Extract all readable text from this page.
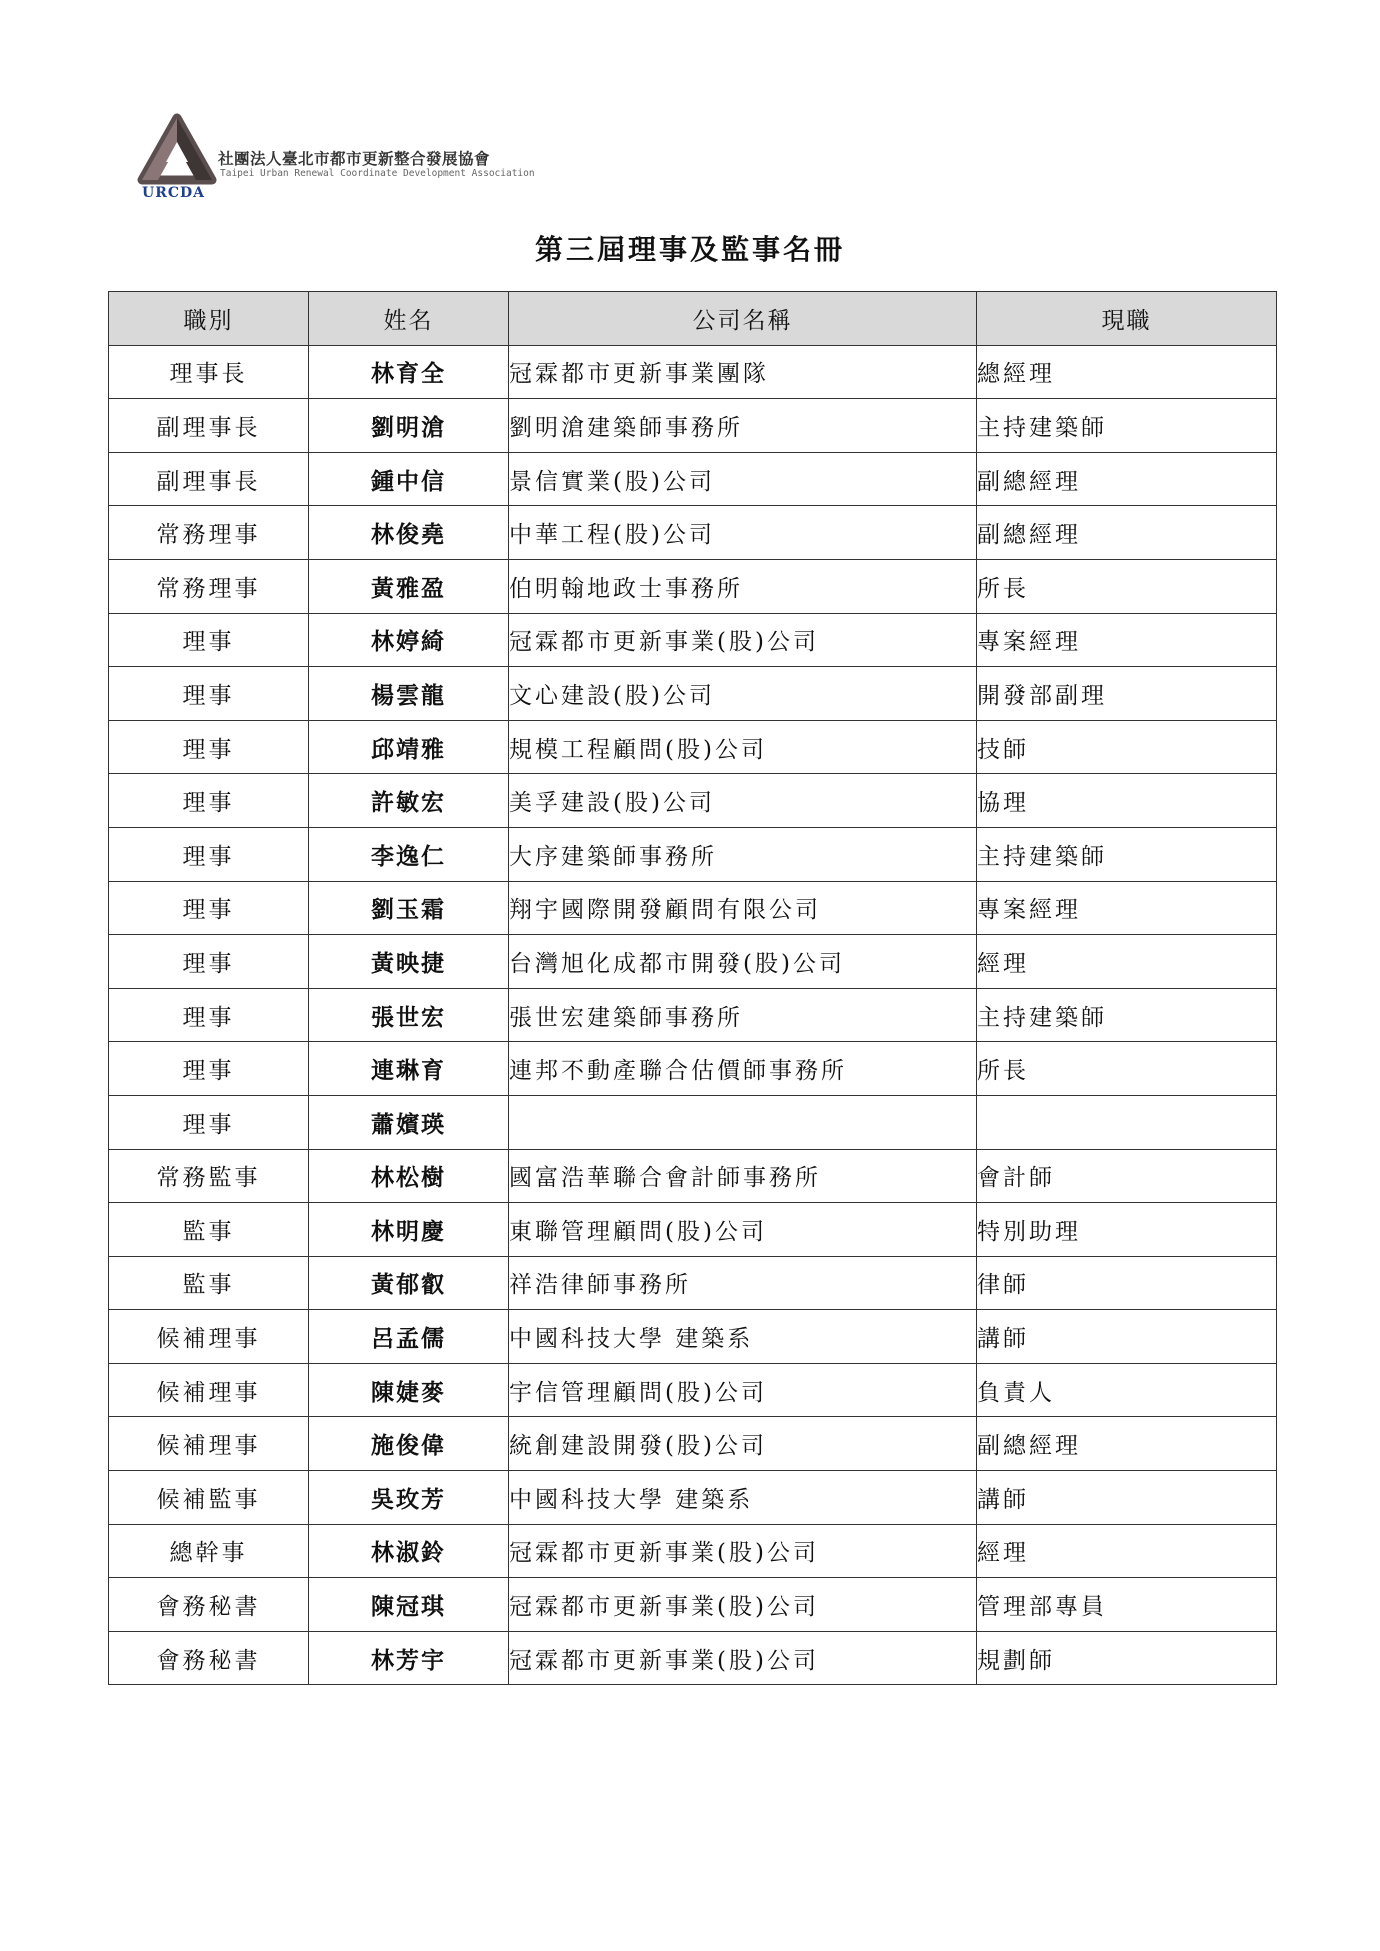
URCDA
社團法人臺北市都市更新整合發展協會
Taipei Urban Renewal Coordinate Development Association
第三屆理事及監事名冊
職別	姓名	公司名稱	現職
理事長	林育全	冠霖都市更新事業團隊	總經理
副理事長	劉明滄	劉明滄建築師事務所	主持建築師
副理事長	鍾中信	景信實業(股)公司	副總經理
常務理事	林俊堯	中華工程(股)公司	副總經理
常務理事	黃雅盈	伯明翰地政士事務所	所長
理事	林婷綺	冠霖都市更新事業(股)公司	專案經理
理事	楊雲龍	文心建設(股)公司	開發部副理
理事	邱靖雅	規模工程顧問(股)公司	技師
理事	許敏宏	美孚建設(股)公司	協理
理事	李逸仁	大序建築師事務所	主持建築師
理事	劉玉霜	翔宇國際開發顧問有限公司	專案經理
理事	黃映捷	台灣旭化成都市開發(股)公司	經理
理事	張世宏	張世宏建築師事務所	主持建築師
理事	連琳育	連邦不動產聯合估價師事務所	所長
理事	蕭嬪瑛		
常務監事	林松樹	國富浩華聯合會計師事務所	會計師
監事	林明慶	東聯管理顧問(股)公司	特別助理
監事	黃郁叡	祥浩律師事務所	律師
候補理事	呂孟儒	中國科技大學 建築系	講師
候補理事	陳婕麥	宇信管理顧問(股)公司	負責人
候補理事	施俊偉	統創建設開發(股)公司	副總經理
候補監事	吳玫芳	中國科技大學 建築系	講師
總幹事	林淑鈴	冠霖都市更新事業(股)公司	經理
會務秘書	陳冠琪	冠霖都市更新事業(股)公司	管理部專員
會務秘書	林芳宇	冠霖都市更新事業(股)公司	規劃師
